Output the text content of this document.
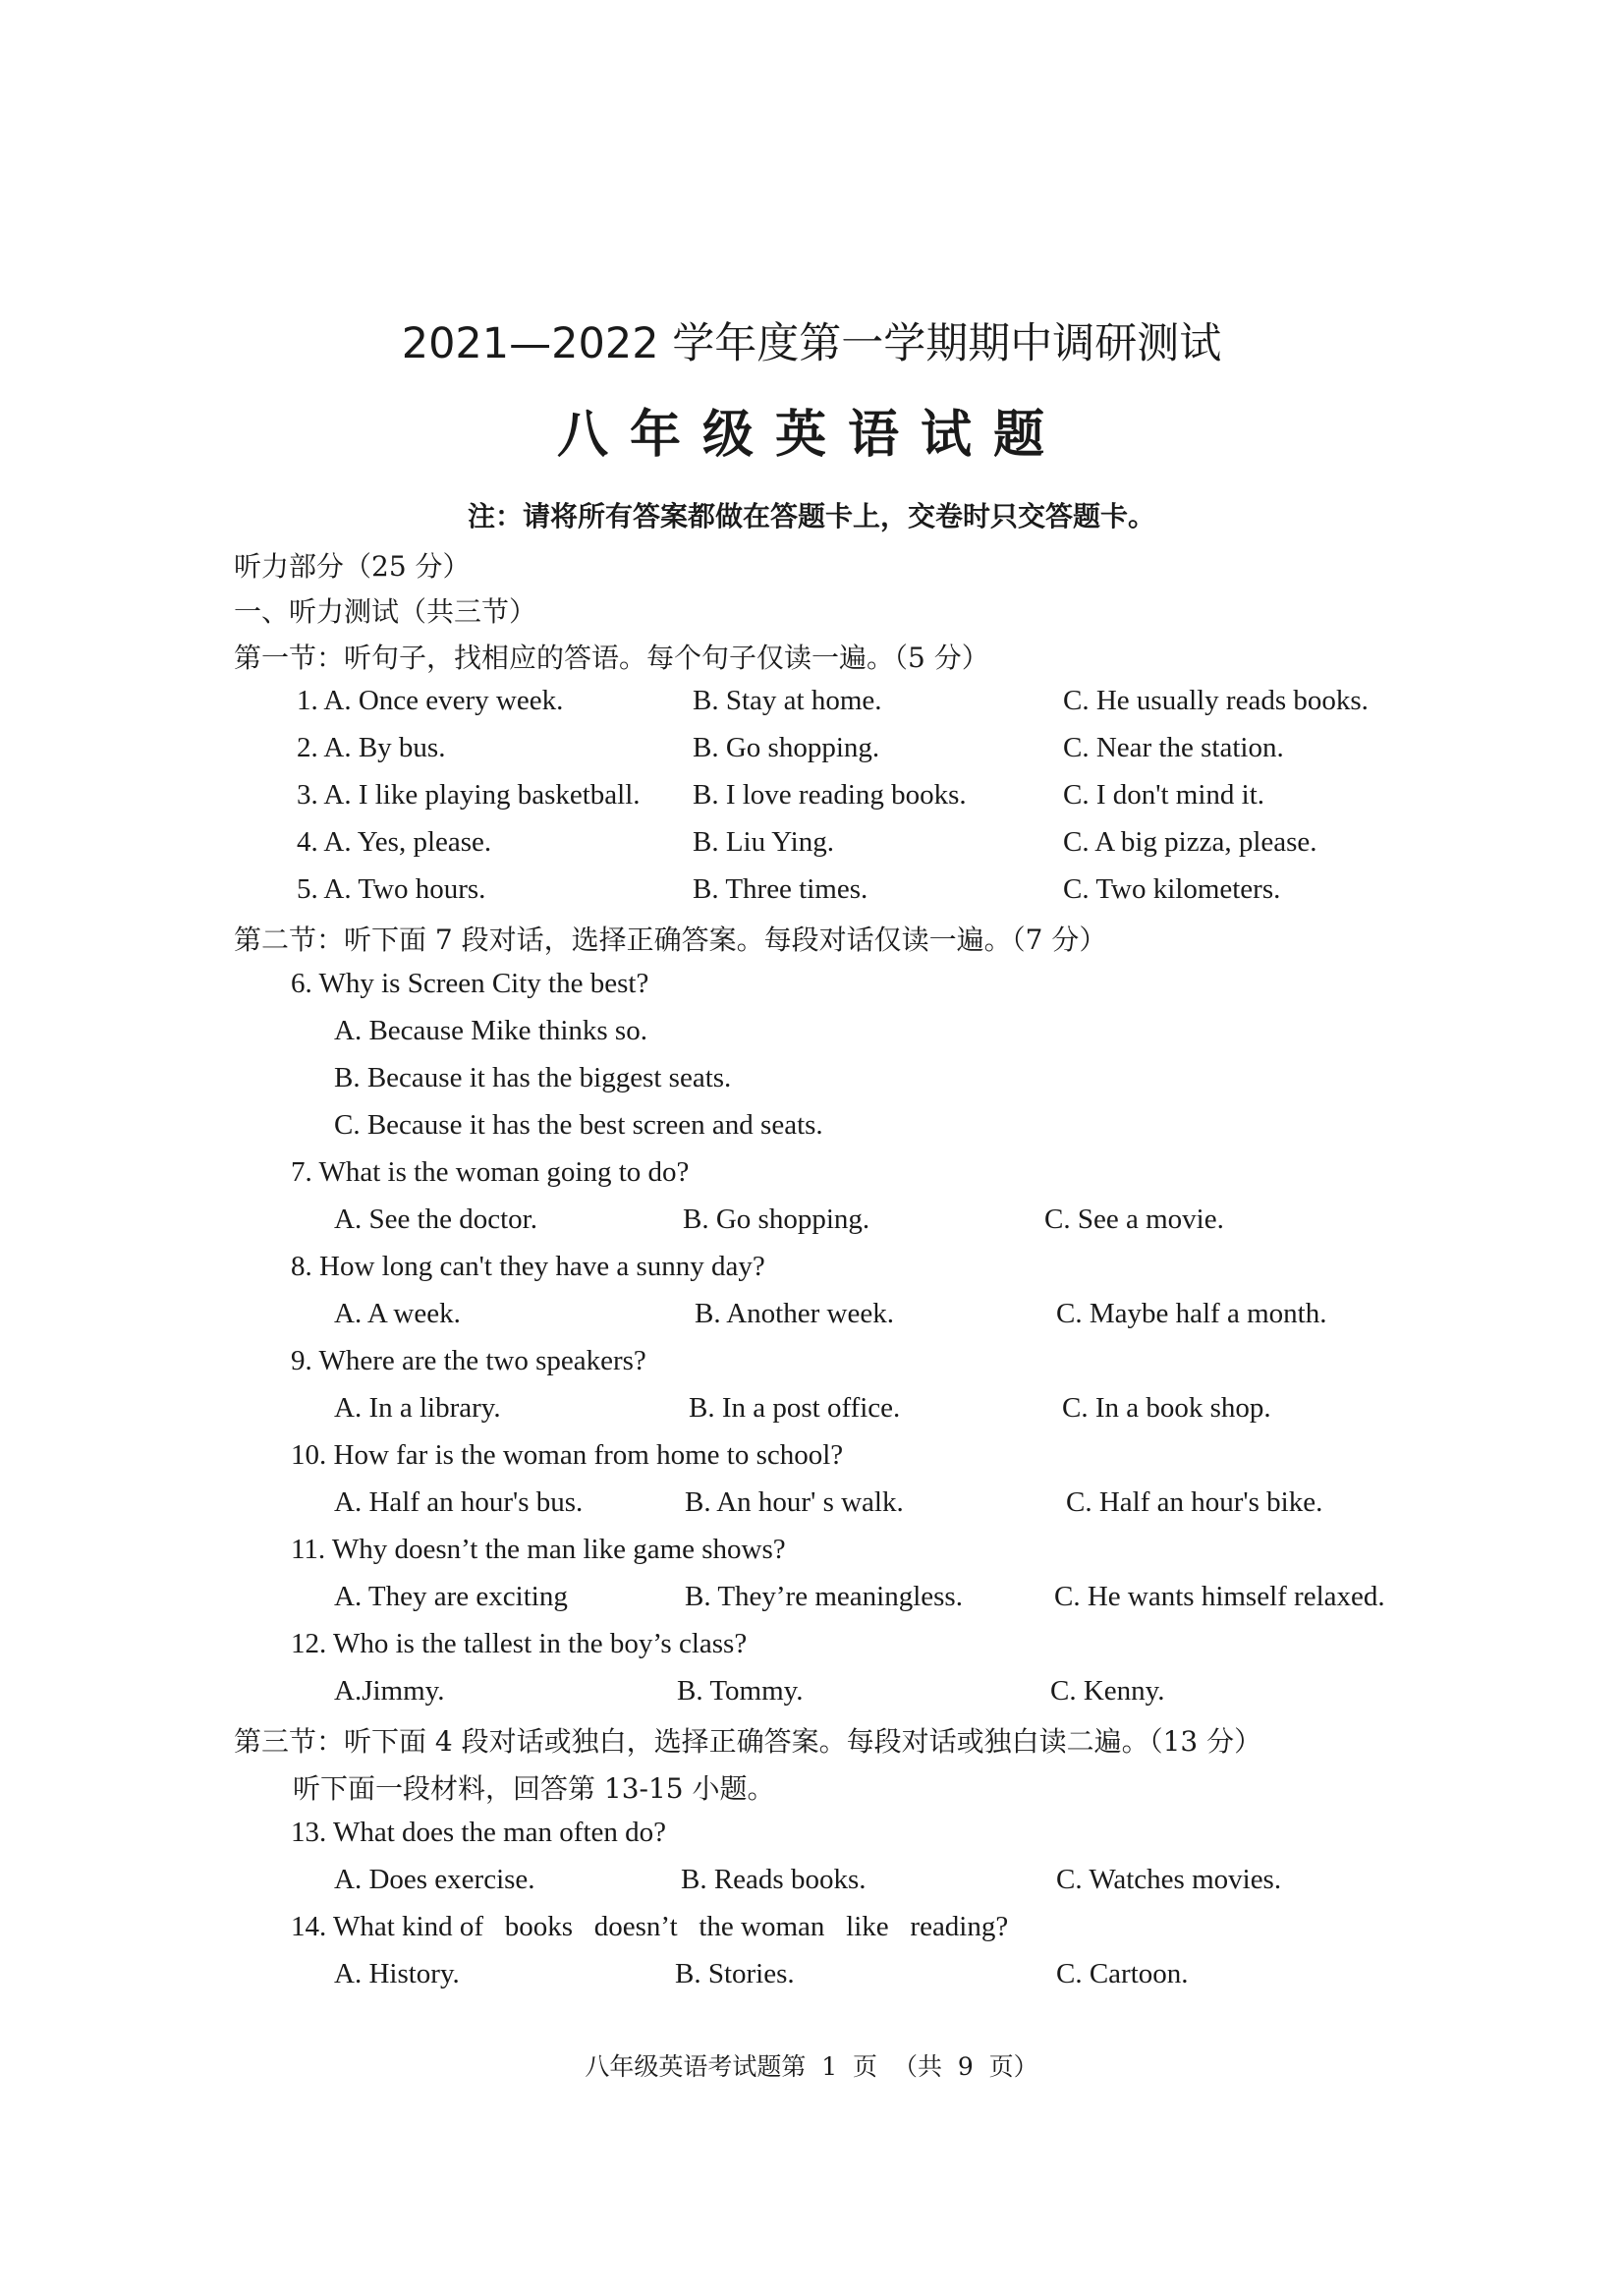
2021—2022 学年度第一学期期中调研测试
八年级英语试题
注：请将所有答案都做在答题卡上，交卷时只交答题卡。
听力部分（25 分）
一、听力测试（共三节）
第一节：听句子，找相应的答语。每个句子仅读一遍。（5 分）
1. A. Once every week.	B. Stay at home.	C. He usually reads books.
2. A. By bus.	B. Go shopping.	C. Near the station.
3. A. I like playing basketball. B. I love reading books.	C. I don't mind it.
4. A. Yes, please.	B. Liu Ying.	C. A big pizza, please.
5. A. Two hours.	B. Three times.	C. Two kilometers.
第二节：听下面 7 段对话，选择正确答案。每段对话仅读一遍。（7 分）
6. Why is Screen City the best?
A. Because Mike thinks so.
B. Because it has the biggest seats.
C. Because it has the best screen and seats.
7. What is the woman going to do?
A. See the doctor.	B. Go shopping.	C. See a movie.
8. How long can't they have a sunny day?
A. A week.	B. Another week.	C. Maybe half a month.
9. Where are the two speakers?
A. In a library.	B. In a post office.	C. In a book shop.
10. How far is the woman from home to school?
A. Half an hour's bus.	B. An hour' s walk.	C. Half an hour's bike.
11. Why doesn’t the man like game shows?
A. They are exciting	B. They’re meaningless.	C. He wants himself relaxed.
12. Who is the tallest in the boy’s class?
A.Jimmy.	B. Tommy.	C. Kenny.
第三节：听下面 4 段对话或独白，选择正确答案。每段对话或独白读二遍。（13 分）
听下面一段材料，回答第 13-15 小题。
13. What does the man often do?
A. Does exercise.	B. Reads books.	C. Watches movies.
14. What kind of   books   doesn’t   the woman   like   reading?
A. History.	B. Stories.	C. Cartoon.
八年级英语考试题第  1  页  （共  9  页）
